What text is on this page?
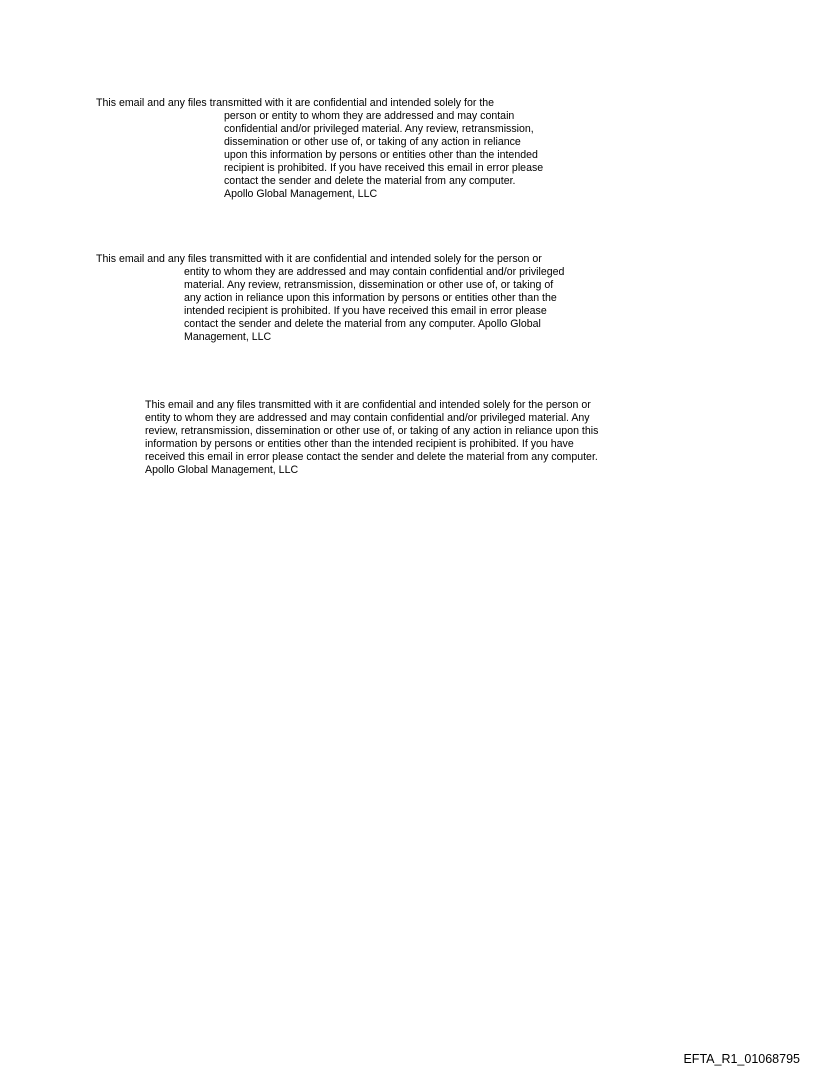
This email and any files transmitted with it are confidential and intended solely for the

person or entity to whom they are addressed and may contain

confidential and/or privileged material. Any review, retransmission,

dissemination or other use of, or taking of any action in reliance

upon this information by persons or entities other than the intended

recipient is prohibited. If you have received this email in error please

contact the sender and delete the material from any computer.

Apollo Global Management, LLC

This email and any files transmitted with it are confidential and intended solely for the person or

entity to whom they are addressed and may contain confidential and/or privileged

material. Any review, retransmission, dissemination or other use of, or taking of

any action in reliance upon this information by persons or entities other than the

intended recipient is prohibited. If you have received this email in error please

contact the sender and delete the material from any computer. Apollo Global

Management, LLC

This email and any files transmitted with it are confidential and intended solely for the person or

entity to whom they are addressed and may contain confidential and/or privileged material. Any

review, retransmission, dissemination or other use of, or taking of any action in reliance upon this

information by persons or entities other than the intended recipient is prohibited. If you have

received this email in error please contact the sender and delete the material from any computer.

Apollo Global Management, LLC

EFTA_R1_01068795
